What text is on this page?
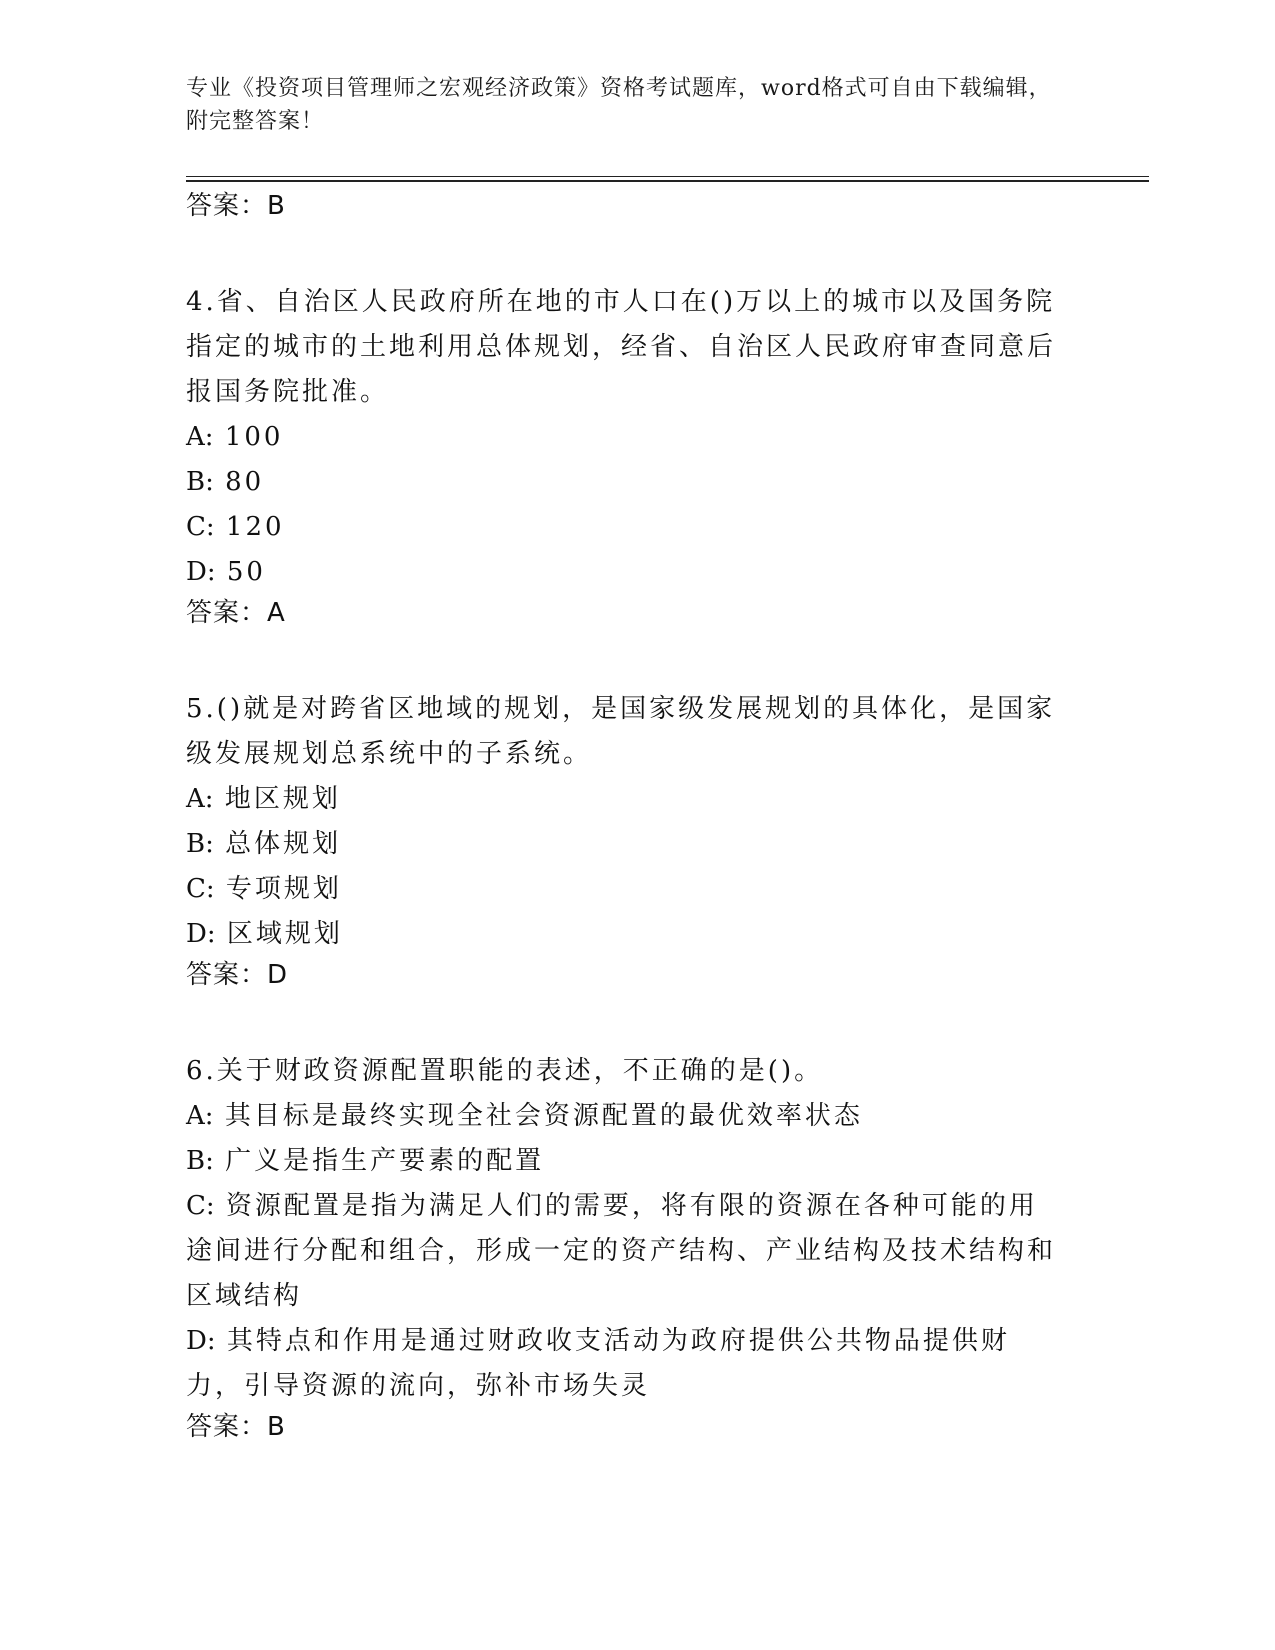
专业《投资项目管理师之宏观经济政策》资格考试题库，word格式可自由下载编辑，附完整答案！
答案：B

4.省、自治区人民政府所在地的市人口在()万以上的城市以及国务院指定的城市的土地利用总体规划，经省、自治区人民政府审查同意后报国务院批准。

A: 100

B: 80

C: 120

D: 50

答案：A

5.()就是对跨省区地域的规划，是国家级发展规划的具体化，是国家级发展规划总系统中的子系统。

A: 地区规划

B: 总体规划

C: 专项规划

D: 区域规划

答案：D

6.关于财政资源配置职能的表述，不正确的是()。

A: 其目标是最终实现全社会资源配置的最优效率状态

B: 广义是指生产要素的配置

C: 资源配置是指为满足人们的需要，将有限的资源在各种可能的用途间进行分配和组合，形成一定的资产结构、产业结构及技术结构和区域结构

D: 其特点和作用是通过财政收支活动为政府提供公共物品提供财力，引导资源的流向，弥补市场失灵

答案：B
